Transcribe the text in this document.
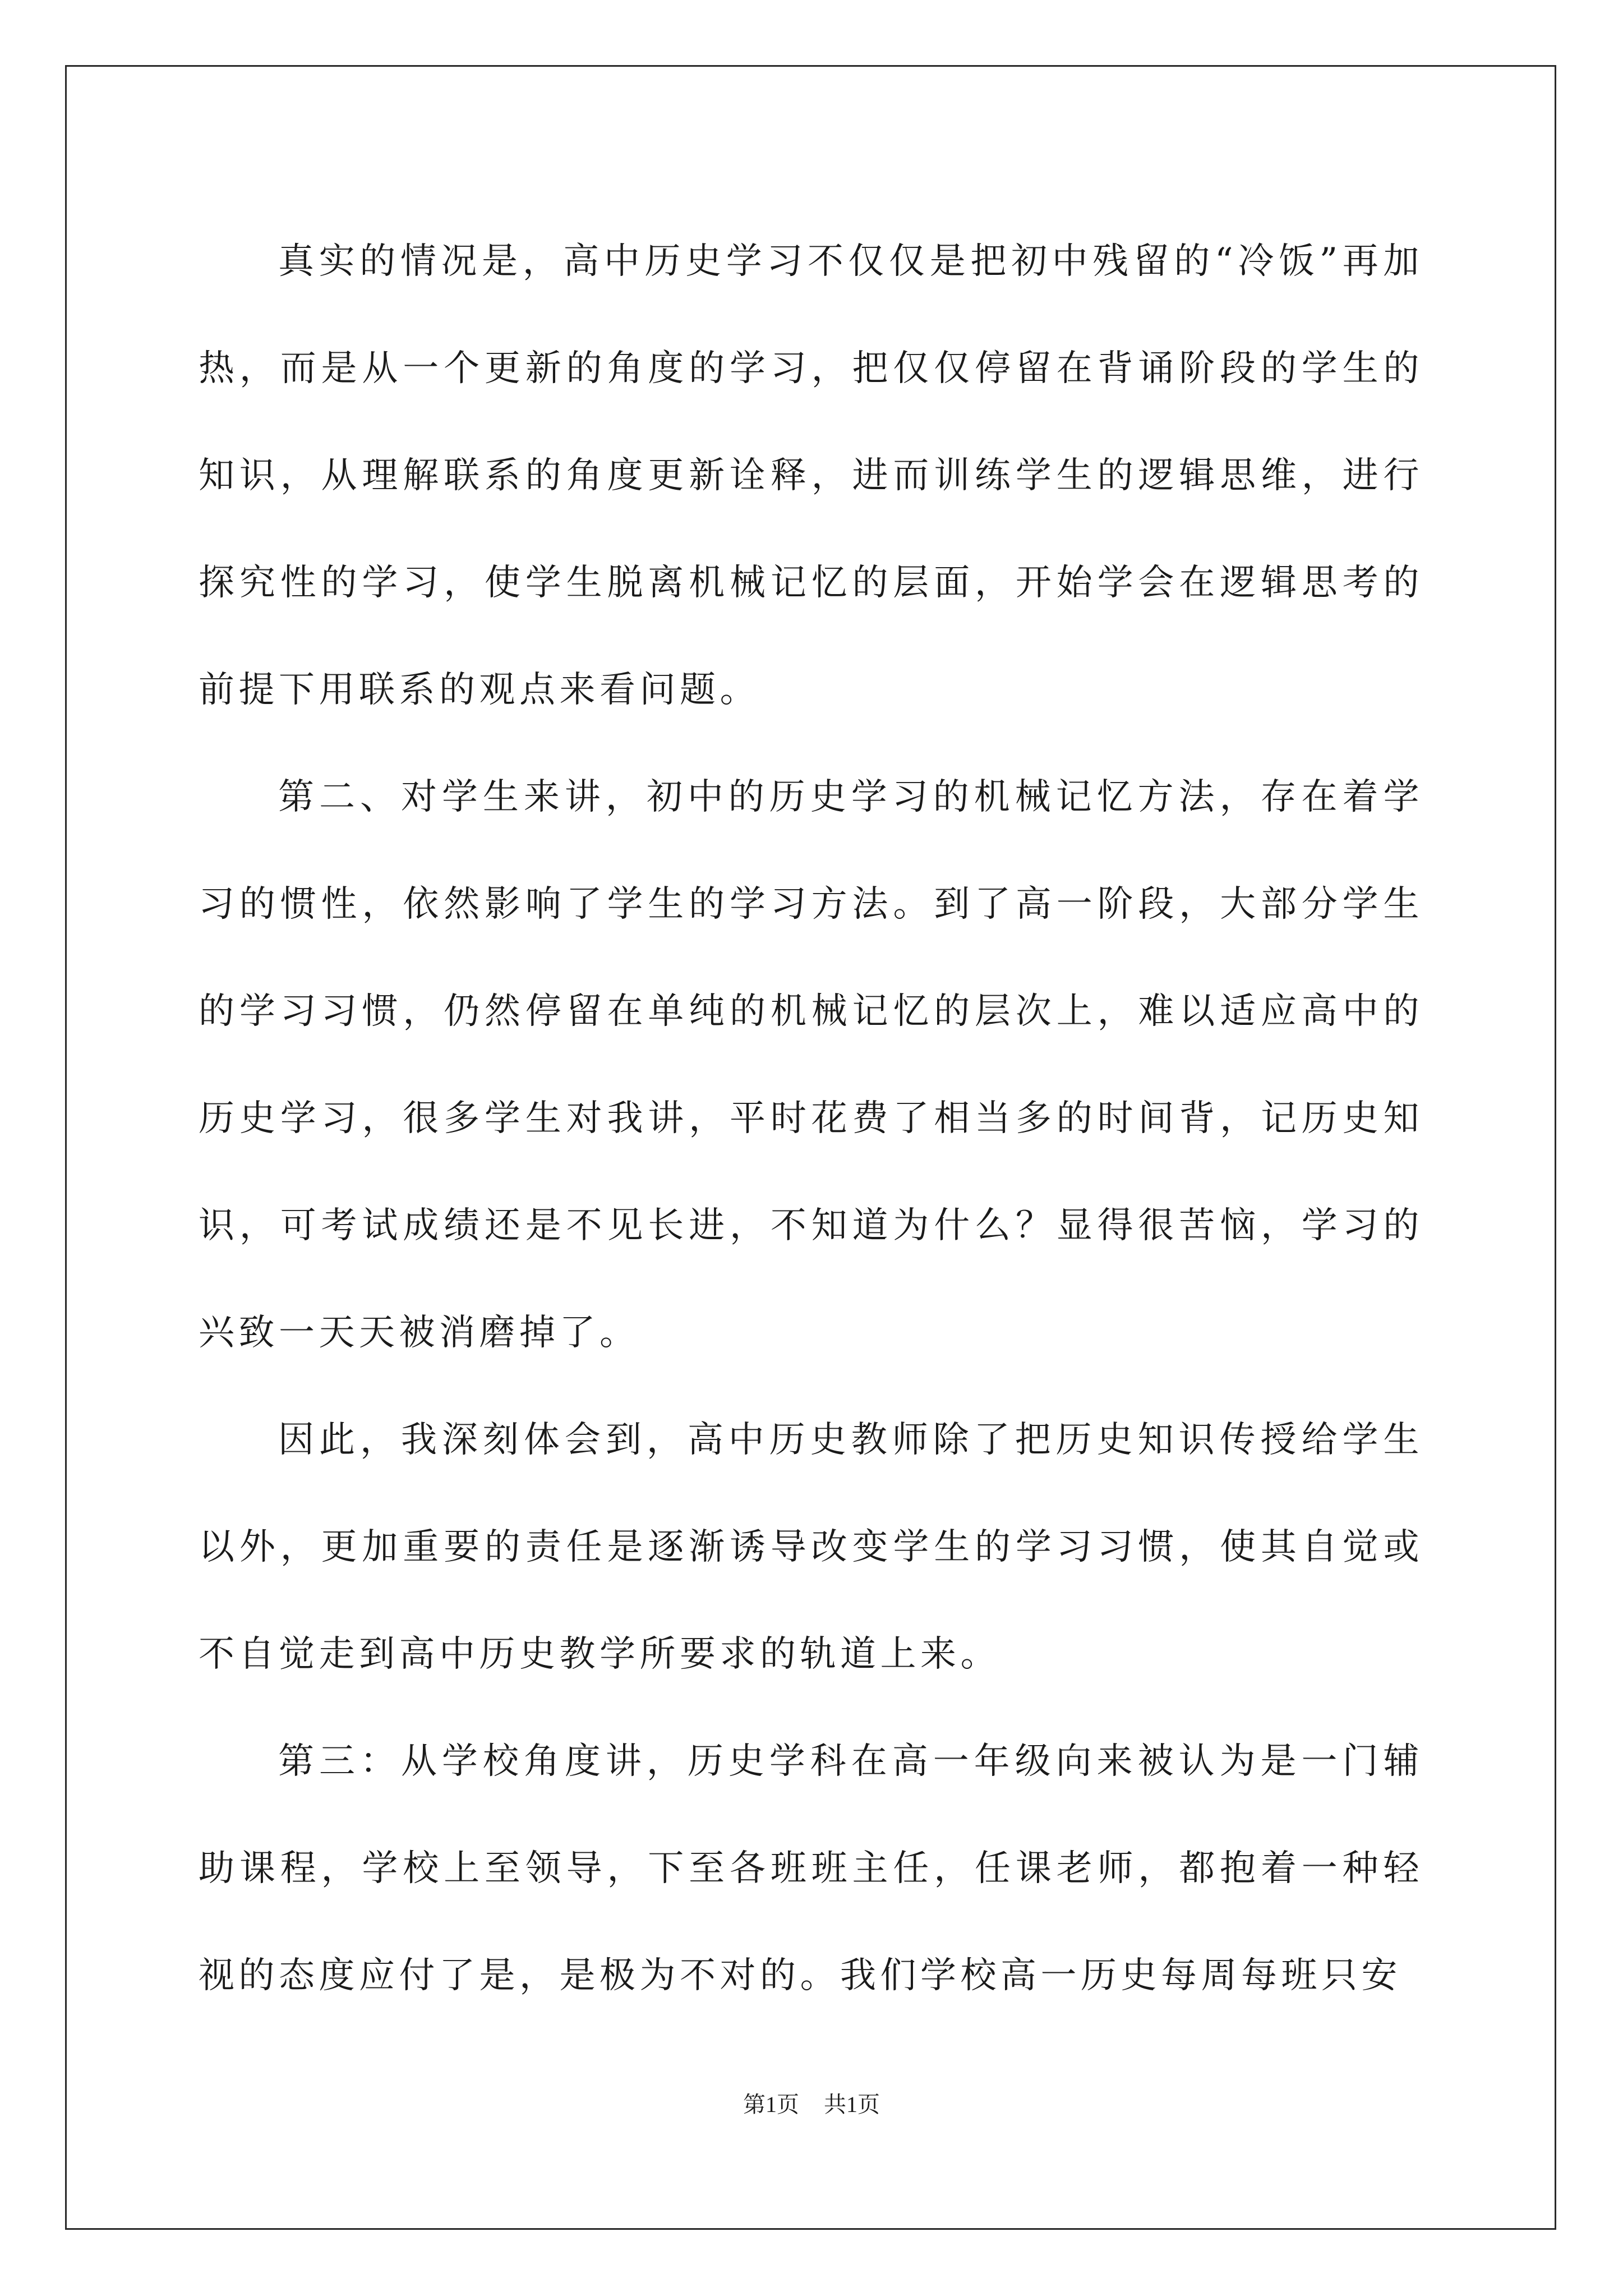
真实的情况是，高中历史学习不仅仅是把初中残留的“冷饭”再加热，而是从一个更新的角度的学习，把仅仅停留在背诵阶段的学生的知识，从理解联系的角度更新诠释，进而训练学生的逻辑思维，进行探究性的学习，使学生脱离机械记忆的层面，开始学会在逻辑思考的前提下用联系的观点来看问题。

第二、对学生来讲，初中的历史学习的机械记忆方法，存在着学习的惯性，依然影响了学生的学习方法。到了高一阶段，大部分学生的学习习惯，仍然停留在单纯的机械记忆的层次上，难以适应高中的历史学习，很多学生对我讲，平时花费了相当多的时间背，记历史知识，可考试成绩还是不见长进，不知道为什么？显得很苦恼，学习的兴致一天天被消磨掉了。

因此，我深刻体会到，高中历史教师除了把历史知识传授给学生以外，更加重要的责任是逐渐诱导改变学生的学习习惯，使其自觉或不自觉走到高中历史教学所要求的轨道上来。

第三：从学校角度讲，历史学科在高一年级向来被认为是一门辅助课程，学校上至领导，下至各班班主任，任课老师，都抱着一种轻视的态度应付了是，是极为不对的。我们学校高一历史每周每班只安

第1页 共1页
